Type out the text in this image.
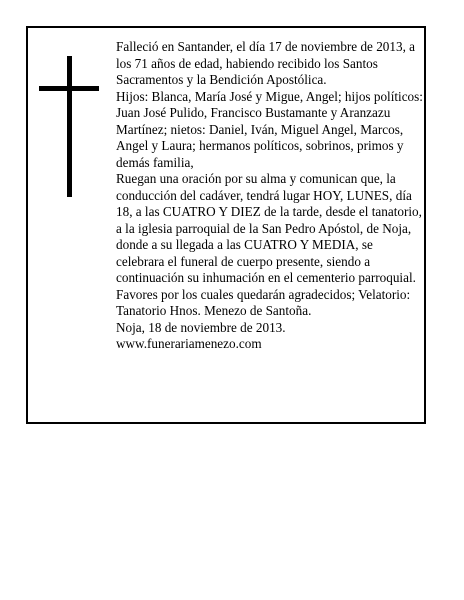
Falleció en Santander, el día 17 de noviembre de 2013, a los 71 años de edad, habiendo recibido los Santos Sacramentos y la Bendición Apostólica.

Hijos: Blanca, María José y Migue, Angel; hijos políticos: Juan José Pulido, Francisco Bustamante y Aranzazu Martínez; nietos: Daniel, Iván, Miguel Angel, Marcos, Angel y Laura; hermanos políticos, sobrinos, primos y demás familia,

Ruegan una oración por su alma y comunican que, la conducción del cadáver, tendrá lugar HOY, LUNES, día 18, a las CUATRO Y DIEZ de la tarde, desde el tanatorio, a la iglesia parroquial de la San Pedro Apóstol, de Noja, donde a su llegada a las CUATRO Y MEDIA, se celebrara el funeral de cuerpo presente, siendo a continuación su inhumación en el cementerio parroquial. Favores por los cuales quedarán agradecidos; Velatorio: Tanatorio Hnos. Menezo de Santoña.

Noja, 18 de noviembre de 2013.

www.funerariamenezo.com
